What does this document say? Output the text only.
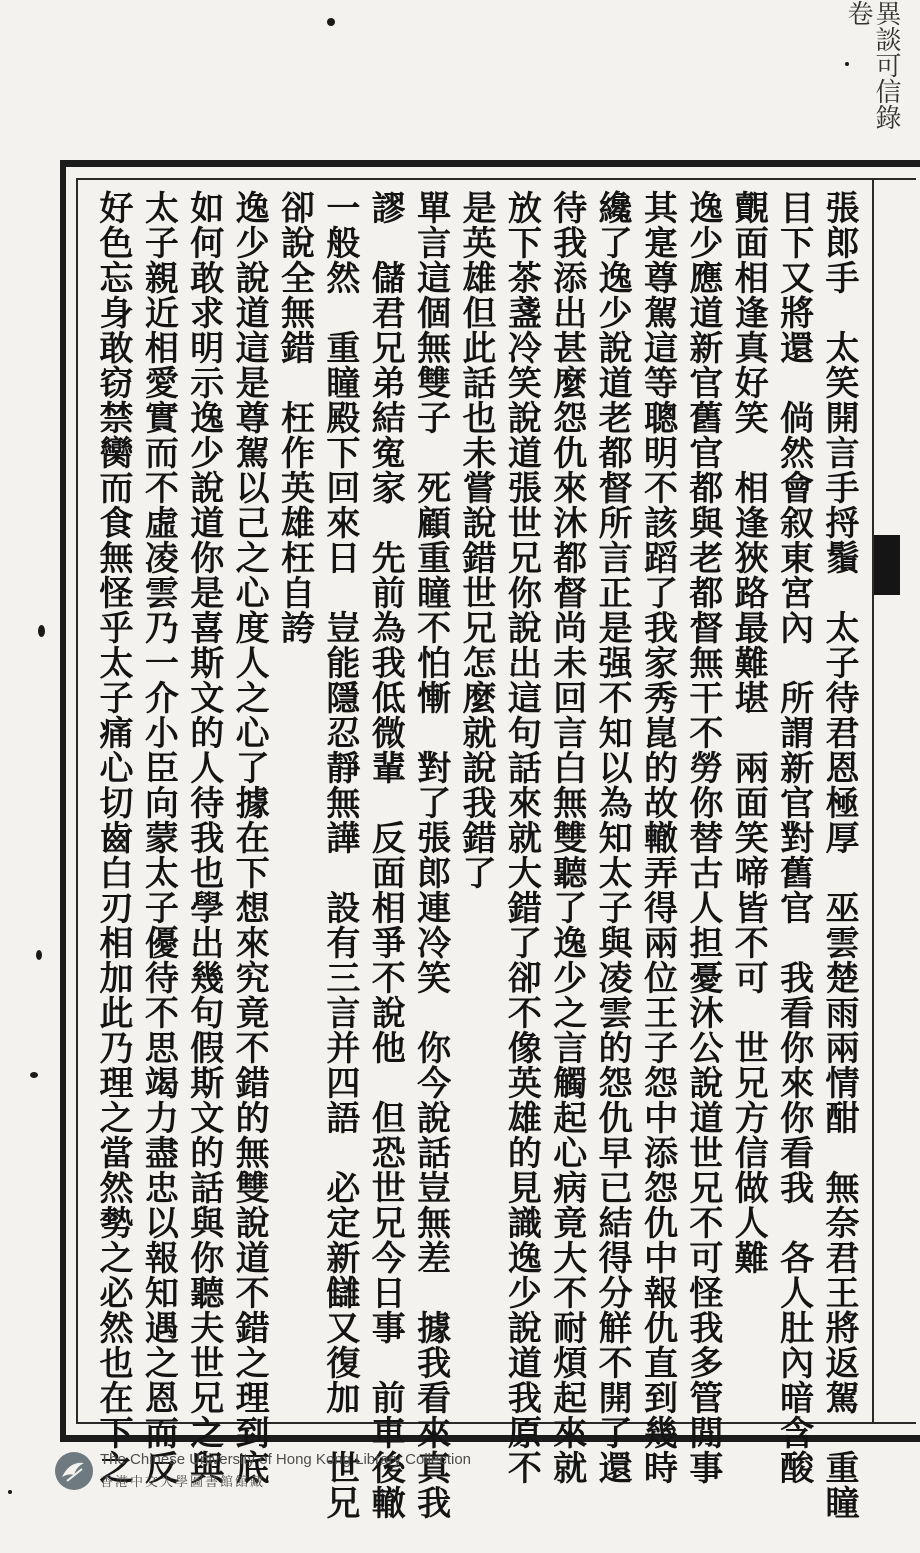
異談可信錄　卷
張郎手　太笑開言手捋鬚　太子待君恩極厚　巫雲楚雨兩情酣　無奈君王將返駕　重瞳
目下又將還　倘然會叙東宮內　所謂新官對舊官　我看你來你看我　各人肚內暗含酸
覿面相逢真好笑　相逢狹路最難堪　兩面笑啼皆不可　世兄方信做人難
逸少應道新官舊官都與老都督無干不勞你替古人担憂沐公說道世兄不可怪我多管閒事
其寔尊駕這等聰明不該蹈了我家秀崑的故轍弄得兩位王子怨中添怨仇中報仇直到幾時
纔了逸少說道老都督所言正是强不知以為知太子與凌雲的怨仇早已結得分觧不開了還
待我添出甚麼怨仇來沐都督尚未回言白無雙聽了逸少之言觸起心病竟大不耐煩起來就
放下茶盞冷笑說道張世兄你說出這句話來就大錯了卻不像英雄的見識逸少說道我原不
是英雄但此話也未嘗說錯世兄怎麼就說我錯了
單言這個無雙子　死顧重瞳不怕慚　對了張郎連冷笑　你今說話豈無差　據我看來真我
謬　儲君兄弟結寃家　先前為我低微輩　反面相爭不說他　但恐世兄今日事　前車後轍
一般然　重瞳殿下回來日　豈能隱忍靜無譁　設有三言并四語　必定新讎又復加　世兄
卻說全無錯　枉作英雄枉自誇
逸少說道這是尊駕以己之心度人之心了據在下想來究竟不錯的無雙說道不錯之理到底
如何敢求明示逸少說道你是喜斯文的人待我也學出幾句假斯文的話與你聽夫世兄之與
太子親近相愛實而不虛凌雲乃一介小臣向蒙太子優待不思竭力盡忠以報知遇之恩而反
好色忘身敢窃禁臠而食無怪乎太子痛心切齒白刃相加此乃理之當然勢之必然也在下之
The Chinese University of Hong Kong Library Collection
香港中文大學圖書館館藏
